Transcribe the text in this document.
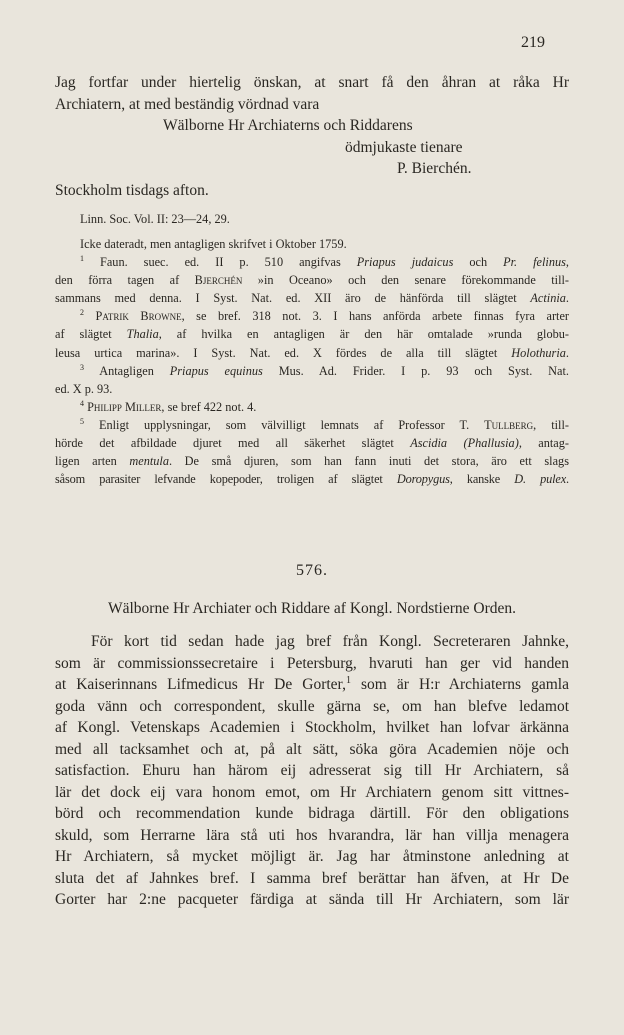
219
Jag fortfar under hiertelig önskan, at snart få den åhran at råka Hr
Archiatern, at med beständig vördnad vara
Wälborne Hr Archiaterns och Riddarens
ödmjukaste tienare
P. Bierchén.
Stockholm tisdags afton.
Linn. Soc. Vol. II: 23—24, 29.
Icke dateradt, men antagligen skrifvet i Oktober 1759.
$^1$ Faun. suec. ed. II p. 510 angifvas Priapus judaicus och Pr. felinus,
den förra tagen af Bjerchén »in Oceano» och den senare förekommande till-
sammans med denna. I Syst. Nat. ed. XII äro de hänförda till slägtet Actinia.
$^2$ Patrik Browne, se bref. 318 not. 3. I hans anförda arbete finnas fyra arter
af slägtet Thalia, af hvilka en antagligen är den här omtalade »runda globu-
leusa urtica marina». I Syst. Nat. ed. X fördes de alla till slägtet Holothuria.
$^3$ Antagligen Priapus equinus Mus. Ad. Frider. I p. 93 och Syst. Nat.
ed. X p. 93.
$^4$ Philipp Miller, se bref 422 not. 4.
$^5$ Enligt upplysningar, som välvilligt lemnats af Professor T. Tullberg, till-
hörde det afbildade djuret med all säkerhet slägtet Ascidia (Phallusia), antag-
ligen arten mentula. De små djuren, som han fann inuti det stora, äro ett slags
såsom parasiter lefvande kopepoder, troligen af slägtet Doropygus, kanske D. pulex.
576.
Wälborne Hr Archiater och Riddare af Kongl. Nordstierne Orden.
För kort tid sedan hade jag bref från Kongl. Secreteraren Jahnke,
som är commissionssecretaire i Petersburg, hvaruti han ger vid handen
at Kaiserinnans Lifmedicus Hr De Gorter,$^1$ som är H:r Archiaterns gamla
goda vänn och correspondent, skulle gärna se, om han blefve ledamot
af Kongl. Vetenskaps Academien i Stockholm, hvilket han lofvar ärkänna
med all tacksamhet och at, på alt sätt, söka göra Academien nöje och
satisfaction. Ehuru han härom eij adresserat sig till Hr Archiatern, så
lär det dock eij vara honom emot, om Hr Archiatern genom sitt vittnes-
börd och recommendation kunde bidraga därtill. För den obligations
skuld, som Herrarne lära stå uti hos hvarandra, lär han villja menagera
Hr Archiatern, så mycket möjligt är. Jag har åtminstone anledning at
sluta det af Jahnkes bref. I samma bref berättar han äfven, at Hr De
Gorter har 2:ne pacqueter färdiga at sända till Hr Archiatern, som lär
